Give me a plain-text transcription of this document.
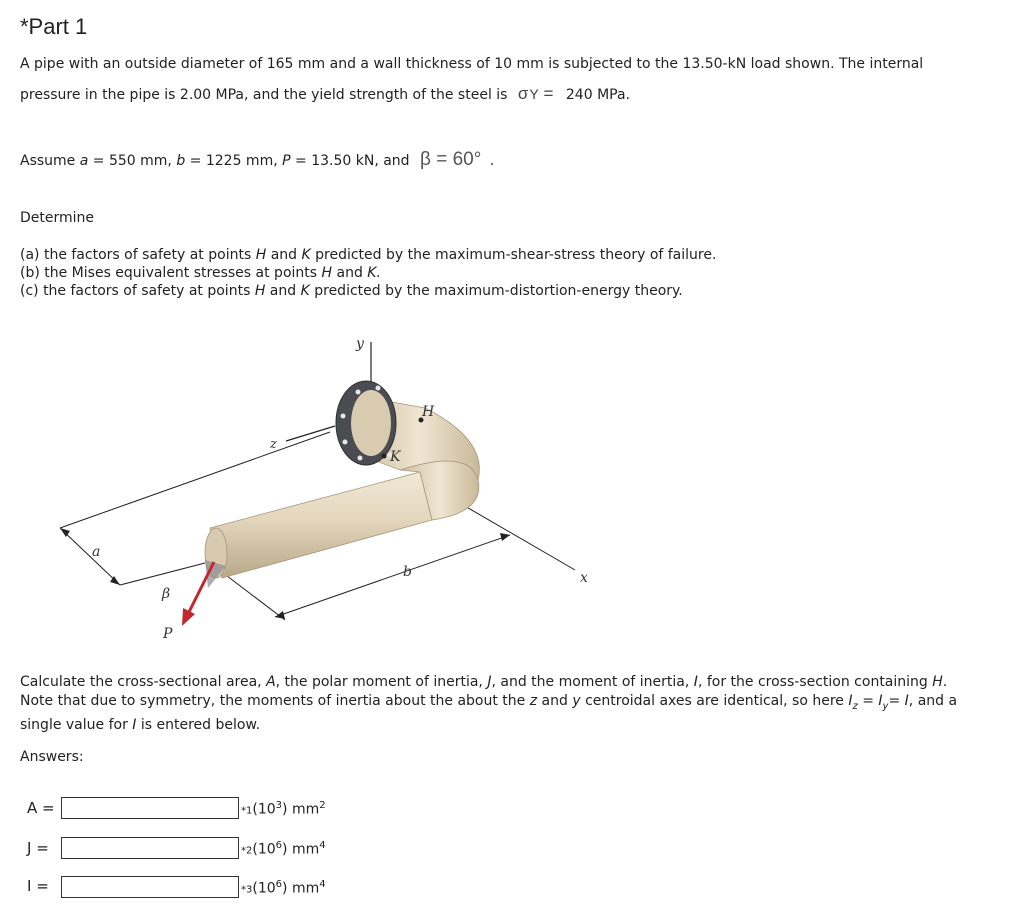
*Part 1
A pipe with an outside diameter of 165 mm and a wall thickness of 10 mm is subjected to the 13.50-kN load shown. The internal
pressure in the pipe is 2.00 MPa, and the yield strength of the steel is σY = 240 MPa.
Assume a = 550 mm, b = 1225 mm, P = 13.50 kN, and β = 60° .
Determine
(a) the factors of safety at points H and K predicted by the maximum-shear-stress theory of failure.
(b) the Mises equivalent stresses at points H and K.
(c) the factors of safety at points H and K predicted by the maximum-distortion-energy theory.
a
b	x
y
z
H
K
β
P
Calculate the cross-sectional area, A, the polar moment of inertia, J, and the moment of inertia, I, for the cross-section containing H.
Note that due to symmetry, the moments of inertia about the about the z and y centroidal axes are identical, so here $I_z = I_y= I$, and a
single value for I is entered below.
Answers:
A =	$*1(10^3)$ $mm^2$
J =	$*2(10^6)$ $mm^4$
I =	$*3(10^6)$ $mm^4$
